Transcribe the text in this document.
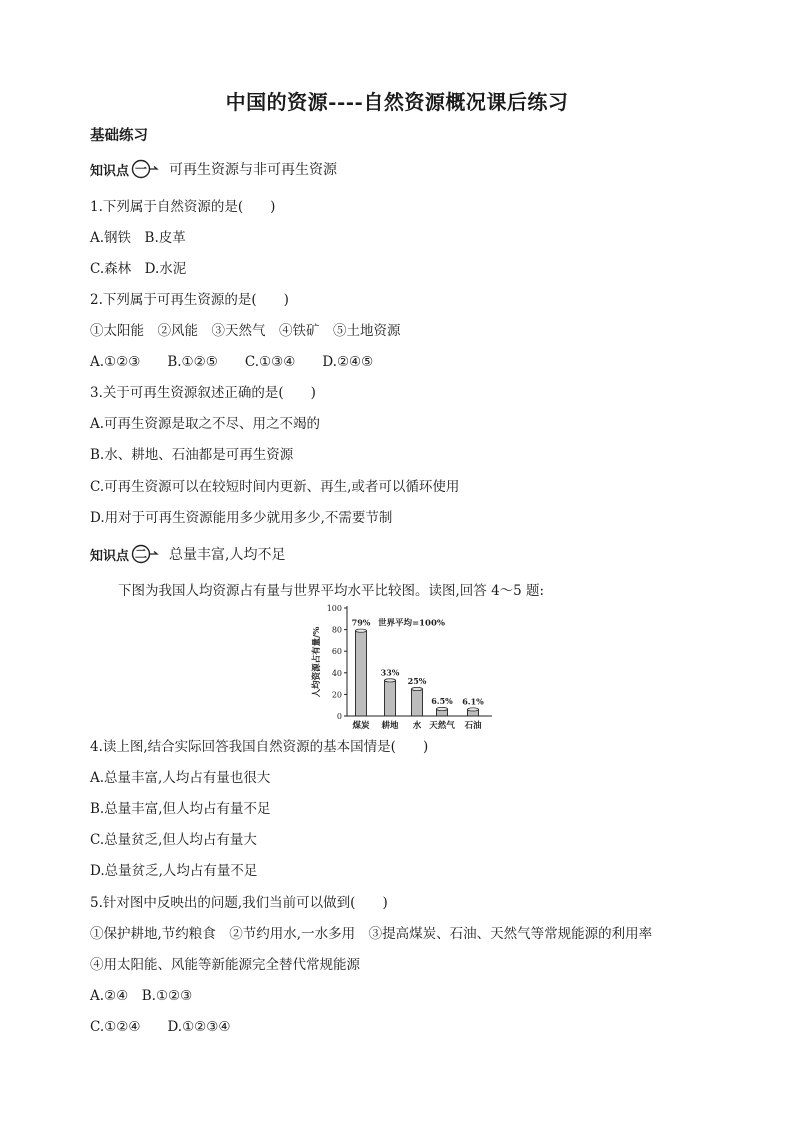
中国的资源----自然资源概况课后练习
基础练习
知识点 一 可再生资源与非可再生资源
1.下列属于自然资源的是(　　)
A.钢铁　B.皮革
C.森林　D.水泥
2.下列属于可再生资源的是(　　)
①太阳能　②风能　③天然气　④铁矿　⑤土地资源
A.①②③　　B.①②⑤　　C.①③④　　D.②④⑤
3.关于可再生资源叙述正确的是(　　)
A.可再生资源是取之不尽、用之不竭的
B.水、耕地、石油都是可再生资源
C.可再生资源可以在较短时间内更新、再生,或者可以循环使用
D.用对于可再生资源能用多少就用多少,不需要节制
知识点 二 总量丰富,人均不足
下图为我国人均资源占有量与世界平均水平比较图。读图,回答 4～5 题:
0
20
40
60
80
100
人均资源占有量/%
79%
煤炭
33%
耕地
25%
水
6.5%
天然气
6.1%
石油
世界平均=100%
4.读上图,结合实际回答我国自然资源的基本国情是(　　)
A.总量丰富,人均占有量也很大
B.总量丰富,但人均占有量不足
C.总量贫乏,但人均占有量大
D.总量贫乏,人均占有量不足
5.针对图中反映出的问题,我们当前可以做到(　　)
①保护耕地,节约粮食　②节约用水,一水多用　③提高煤炭、石油、天然气等常规能源的利用率
④用太阳能、风能等新能源完全替代常规能源
A.②④　B.①②③
C.①②④　　D.①②③④
